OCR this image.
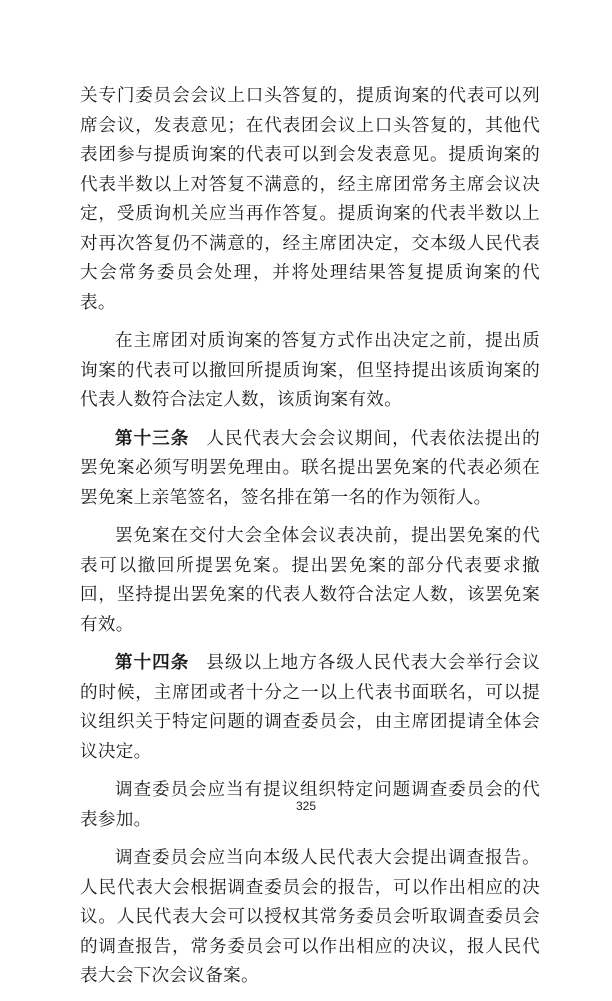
关专门委员会会议上口头答复的，提质询案的代表可以列席会议，发表意见；在代表团会议上口头答复的，其他代表团参与提质询案的代表可以到会发表意见。提质询案的代表半数以上对答复不满意的，经主席团常务主席会议决定，受质询机关应当再作答复。提质询案的代表半数以上对再次答复仍不满意的，经主席团决定，交本级人民代表大会常务委员会处理，并将处理结果答复提质询案的代表。

在主席团对质询案的答复方式作出决定之前，提出质询案的代表可以撤回所提质询案，但坚持提出该质询案的代表人数符合法定人数，该质询案有效。

第十三条 人民代表大会会议期间，代表依法提出的罢免案必须写明罢免理由。联名提出罢免案的代表必须在罢免案上亲笔签名，签名排在第一名的作为领衔人。

罢免案在交付大会全体会议表决前，提出罢免案的代表可以撤回所提罢免案。提出罢免案的部分代表要求撤回，坚持提出罢免案的代表人数符合法定人数，该罢免案有效。

第十四条 县级以上地方各级人民代表大会举行会议的时候，主席团或者十分之一以上代表书面联名，可以提议组织关于特定问题的调查委员会，由主席团提请全体会议决定。

调查委员会应当有提议组织特定问题调查委员会的代表参加。

调查委员会应当向本级人民代表大会提出调查报告。人民代表大会根据调查委员会的报告，可以作出相应的决议。人民代表大会可以授权其常务委员会听取调查委员会的调查报告，常务委员会可以作出相应的决议，报人民代表大会下次会议备案。

325
